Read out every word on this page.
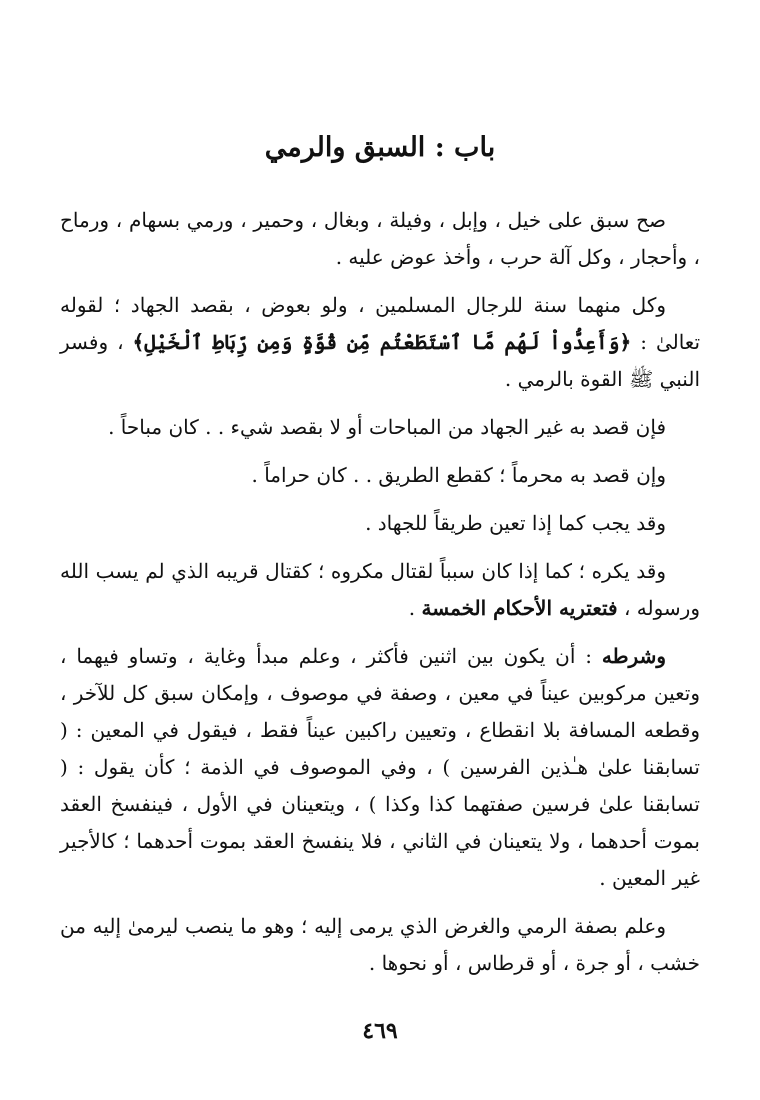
باب : السبق والرمي

صح سبق على خيل ، وإبل ، وفيلة ، وبغال ، وحمير ، ورمي بسهام ، ورماح ، وأحجار ، وكل آلة حرب ، وأخذ عوض عليه .

وكل منهما سنة للرجال المسلمين ، ولو بعوض ، بقصد الجهاد ؛ لقوله تعالىٰ : ﴿وَأَعِدُّواْ لَهُم مَّا ٱسْتَطَعْتُم مِّن قُوَّةٍ وَمِن رِّبَاطِ ٱلْخَيْلِ﴾ ، وفسر النبي ﷺ القوة بالرمي .

فإن قصد به غير الجهاد من المباحات أو لا بقصد شيء . . كان مباحاً .

وإن قصد به محرماً ؛ كقطع الطريق . . كان حراماً .

وقد يجب كما إذا تعين طريقاً للجهاد .

وقد يكره ؛ كما إذا كان سبباً لقتال مكروه ؛ كقتال قريبه الذي لم يسب الله ورسوله ، فتعتريه الأحكام الخمسة .

وشرطه : أن يكون بين اثنين فأكثر ، وعلم مبدأ وغاية ، وتساو فيهما ، وتعين مركوبين عيناً في معين ، وصفة في موصوف ، وإمكان سبق كل للآخر ، وقطعه المسافة بلا انقطاع ، وتعيين راكبين عيناً فقط ، فيقول في المعين : ( تسابقنا علىٰ هـٰذين الفرسين ) ، وفي الموصوف في الذمة ؛ كأن يقول : ( تسابقنا علىٰ فرسين صفتهما كذا وكذا ) ، ويتعينان في الأول ، فينفسخ العقد بموت أحدهما ، ولا يتعينان في الثاني ، فلا ينفسخ العقد بموت أحدهما ؛ كالأجير غير المعين .

وعلم بصفة الرمي والغرض الذي يرمى إليه ؛ وهو ما ينصب ليرمىٰ إليه من خشب ، أو جرة ، أو قرطاس ، أو نحوها .

٤٦٩
